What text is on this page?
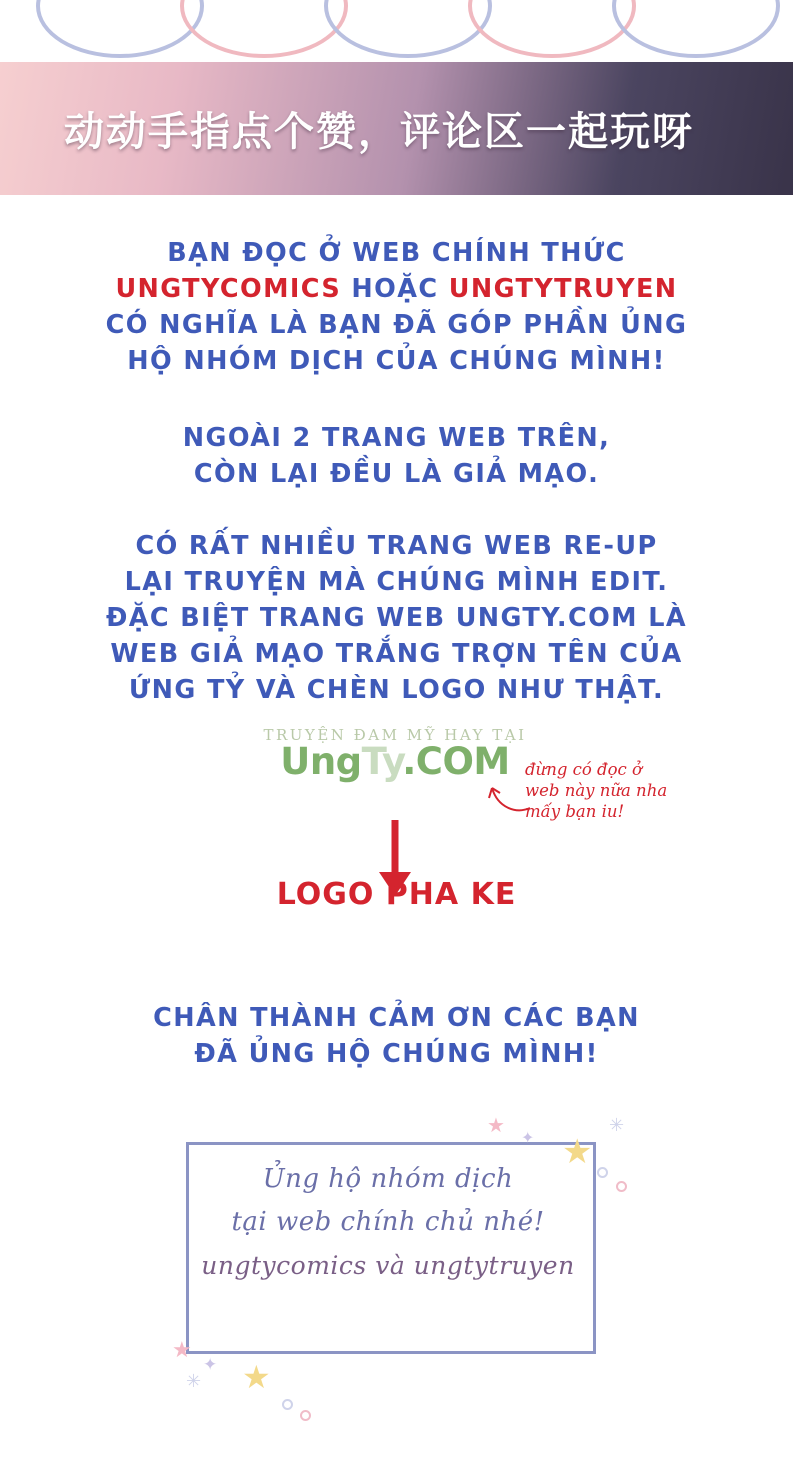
动动手指点个赞，评论区一起玩呀
BẠN ĐỌC Ở WEB CHÍNH THỨC
UNGTYCOMICS HOẶC UNGTYTRUYEN
CÓ NGHĨA LÀ BẠN ĐÃ GÓP PHẦN ỦNG
HỘ NHÓM DỊCH CỦA CHÚNG MÌNH!
NGOÀI 2 TRANG WEB TRÊN,
CÒN LẠI ĐỀU LÀ GIẢ MẠO.
CÓ RẤT NHIỀU TRANG WEB RE-UP
LẠI TRUYỆN MÀ CHÚNG MÌNH EDIT.
ĐẶC BIỆT TRANG WEB UNGTY.COM LÀ
WEB GIẢ MẠO TRẮNG TRỢN TÊN CỦA
ỨNG TỶ VÀ CHÈN LOGO NHƯ THẬT.
TRUYỆN ĐAM MỸ HAY TẠI
UngTy.COM đừng có đọc ở
web này nữa nha
mấy bạn iu!
LOGO PHA KE
CHÂN THÀNH CẢM ƠN CÁC BẠN
ĐÃ ỦNG HỘ CHÚNG MÌNH!
Ủng hộ nhóm dịch
tại web chính chủ nhé!
ungtycomics và ungtytruyen
★
✦ ★
✳
★
✦ ★
✳
